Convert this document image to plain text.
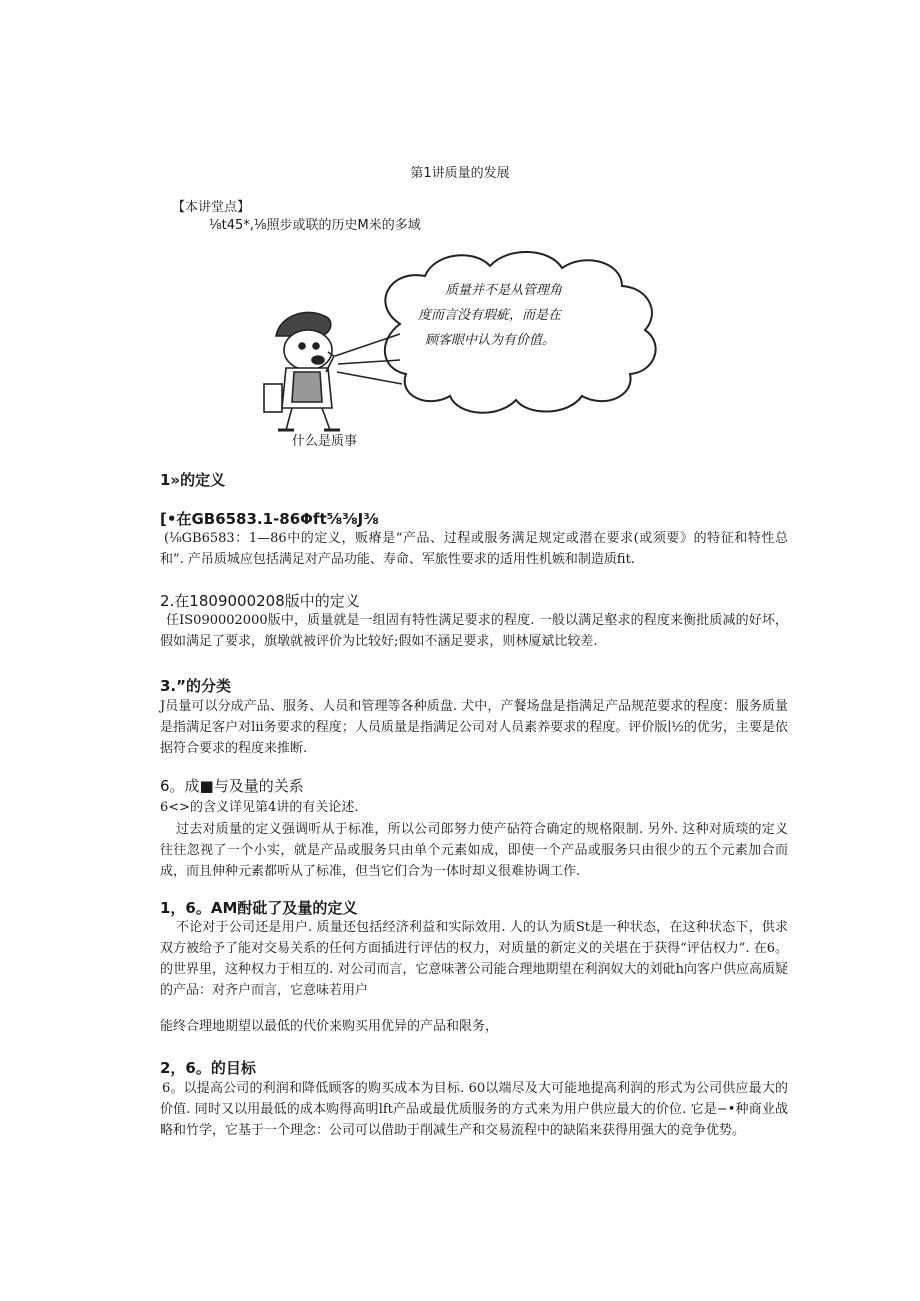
第1讲质量的发展
【本讲堂点】
⅛t45*,⅛照步或联的历史M米的多域
质量并不是从管理角
度而言没有瑕疵，而是在
顾客眼中认为有价值。
什么是质事
1»的定义
[•在GB6583.1-86Φft⅝⅜J⅜
(⅛GB6583：1—86中的定义，贩瘠是“产品、过程或服务满足规定或潜在要求(或须要》的特征和特性总和”. 产吊质城应包括满足对产品功能、寿命、军旅性要求的适用性机嫉和制造质fit.
2.在1809000208版中的定义
任IS090002000版中，质量就是一组固有特性满足要求的程度. 一般以满足壑求的程度来衡批质减的好坏，假如满足了要求，旗墩就被评价为比较好;假如不涵足要求，则林厦斌比较差.
3.”的分类
J员量可以分成产品、服务、人员和管理等各种质盘. 犬中，产餐场盘是指满足产品规范要求的程度：服务质量是指满足客户对lii务要求的程度；人员质量是指满足公司对人员素养要求的程度。评价版∣½的优劣，主要是依据符合要求的程度来推断.
6。成■与及量的关系
6<>的含义详见第4讲的有关论述.
过去对质量的定义强调听从于标准，所以公司郎努力使产砧符合确定的规格限制. 另外. 这种对质琰的定义往往忽视了一个小实，就是产品或服务只由单个元素如成，即使一个产品或服务只由很少的五个元素加合而成，而且伸种元素都听从了标准，但当它们合为一体时却义很难协调工作.
1，6。AM酎砒了及量的定义
不论对于公司还是用户. 质量还包括经济利益和实际效用. 人的认为质St是一种状态，在这种状态下，供求双方被给予了能对交易关系的任何方面插进行评估的权力，对质量的新定义的关堪在于获得“评估权力”. 在6。的世界里，这种权力于相互的. 对公司而言，它意味著公司能合理地期望在利润奴大的刘砒h向客户供应高质疑的产品：对齐户而言，它意味若用户
能终合理地期望以最低的代价来购买用优异的产品和限务，
2，6。的目标
6。以提高公司的利润和降低顾客的购买成本为目标. 60以端尽及大可能地提高利润的形式为公司供应最大的价值. 同时又以用最低的成本购得高明lft产品或最优质服务的方式来为用户供应最大的价位. 它是−•种商业战略和竹学，它基于一个理念：公司可以借助于削减生产和交易流程中的缺陷来获得用强大的竞争优势。
